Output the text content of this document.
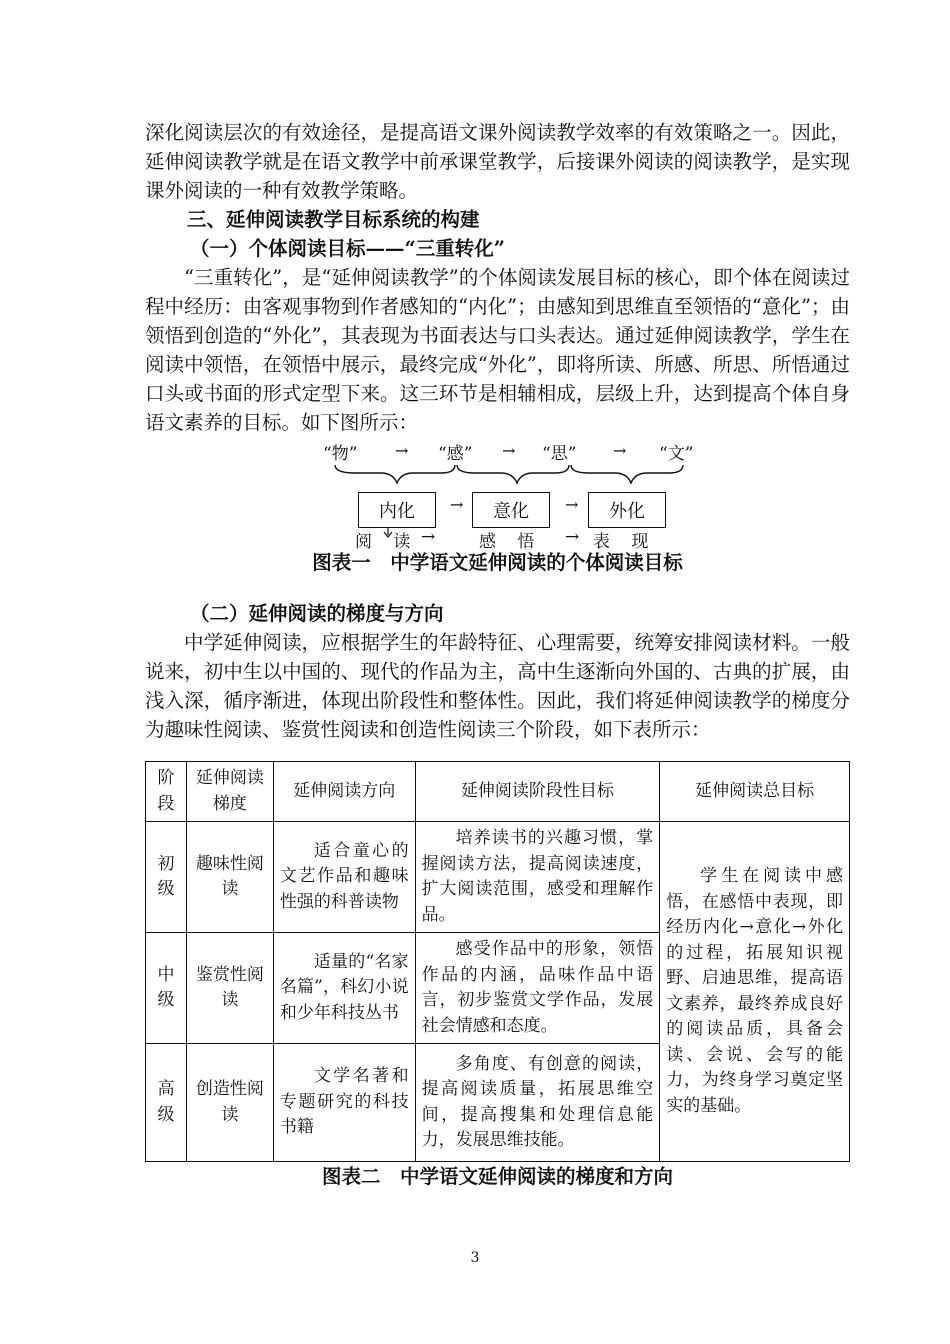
深化阅读层次的有效途径，是提高语文课外阅读教学效率的有效策略之一。因此，延伸阅读教学就是在语文教学中前承课堂教学，后接课外阅读的阅读教学，是实现课外阅读的一种有效教学策略。

三、延伸阅读教学目标系统的构建

（一）个体阅读目标——“三重转化”

“三重转化”，是“延伸阅读教学”的个体阅读发展目标的核心，即个体在阅读过程中经历：由客观事物到作者感知的“内化”；由感知到思维直至领悟的“意化”；由领悟到创造的“外化”，其表现为书面表达与口头表达。通过延伸阅读教学，学生在阅读中领悟，在领悟中展示，最终完成“外化”，即将所读、所感、所思、所悟通过口头或书面的形式定型下来。这三环节是相辅相成，层级上升，达到提高个体自身语文素养的目标。如下图所示：

“物” → “感” → “思” → “文”
内化	→	意化	→	外化
阅 读 →	感 悟 → 表 现

图表一　中学语文延伸阅读的个体阅读目标

（二）延伸阅读的梯度与方向

中学延伸阅读，应根据学生的年龄特征、心理需要，统筹安排阅读材料。一般说来，初中生以中国的、现代的作品为主，高中生逐渐向外国的、古典的扩展，由浅入深，循序渐进，体现出阶段性和整体性。因此，我们将延伸阅读教学的梯度分为趣味性阅读、鉴赏性阅读和创造性阅读三个阶段，如下表所示：

阶段	延伸阅读梯度	延伸阅读方向	延伸阅读阶段性目标	延伸阅读总目标
初级	趣味性阅读	适合童心的文艺作品和趣味性强的科普读物	培养读书的兴趣习惯，掌握阅读方法，提高阅读速度，扩大阅读范围，感受和理解作品。	学生在阅读中感悟，在感悟中表现，即经历内化→意化→外化的过程，拓展知识视野、启迪思维，提高语文素养，最终养成良好的阅读品质，具备会读、会说、会写的能力，为终身学习奠定坚实的基础。
中级	鉴赏性阅读	适量的“名家名篇”，科幻小说和少年科技丛书	感受作品中的形象，领悟作品的内涵，品味作品中语言，初步鉴赏文学作品，发展社会情感和态度。	
高级	创造性阅读	文学名著和专题研究的科技书籍	多角度、有创意的阅读，提高阅读质量，拓展思维空间，提高搜集和处理信息能力，发展思维技能。	

图表二　中学语文延伸阅读的梯度和方向

3
